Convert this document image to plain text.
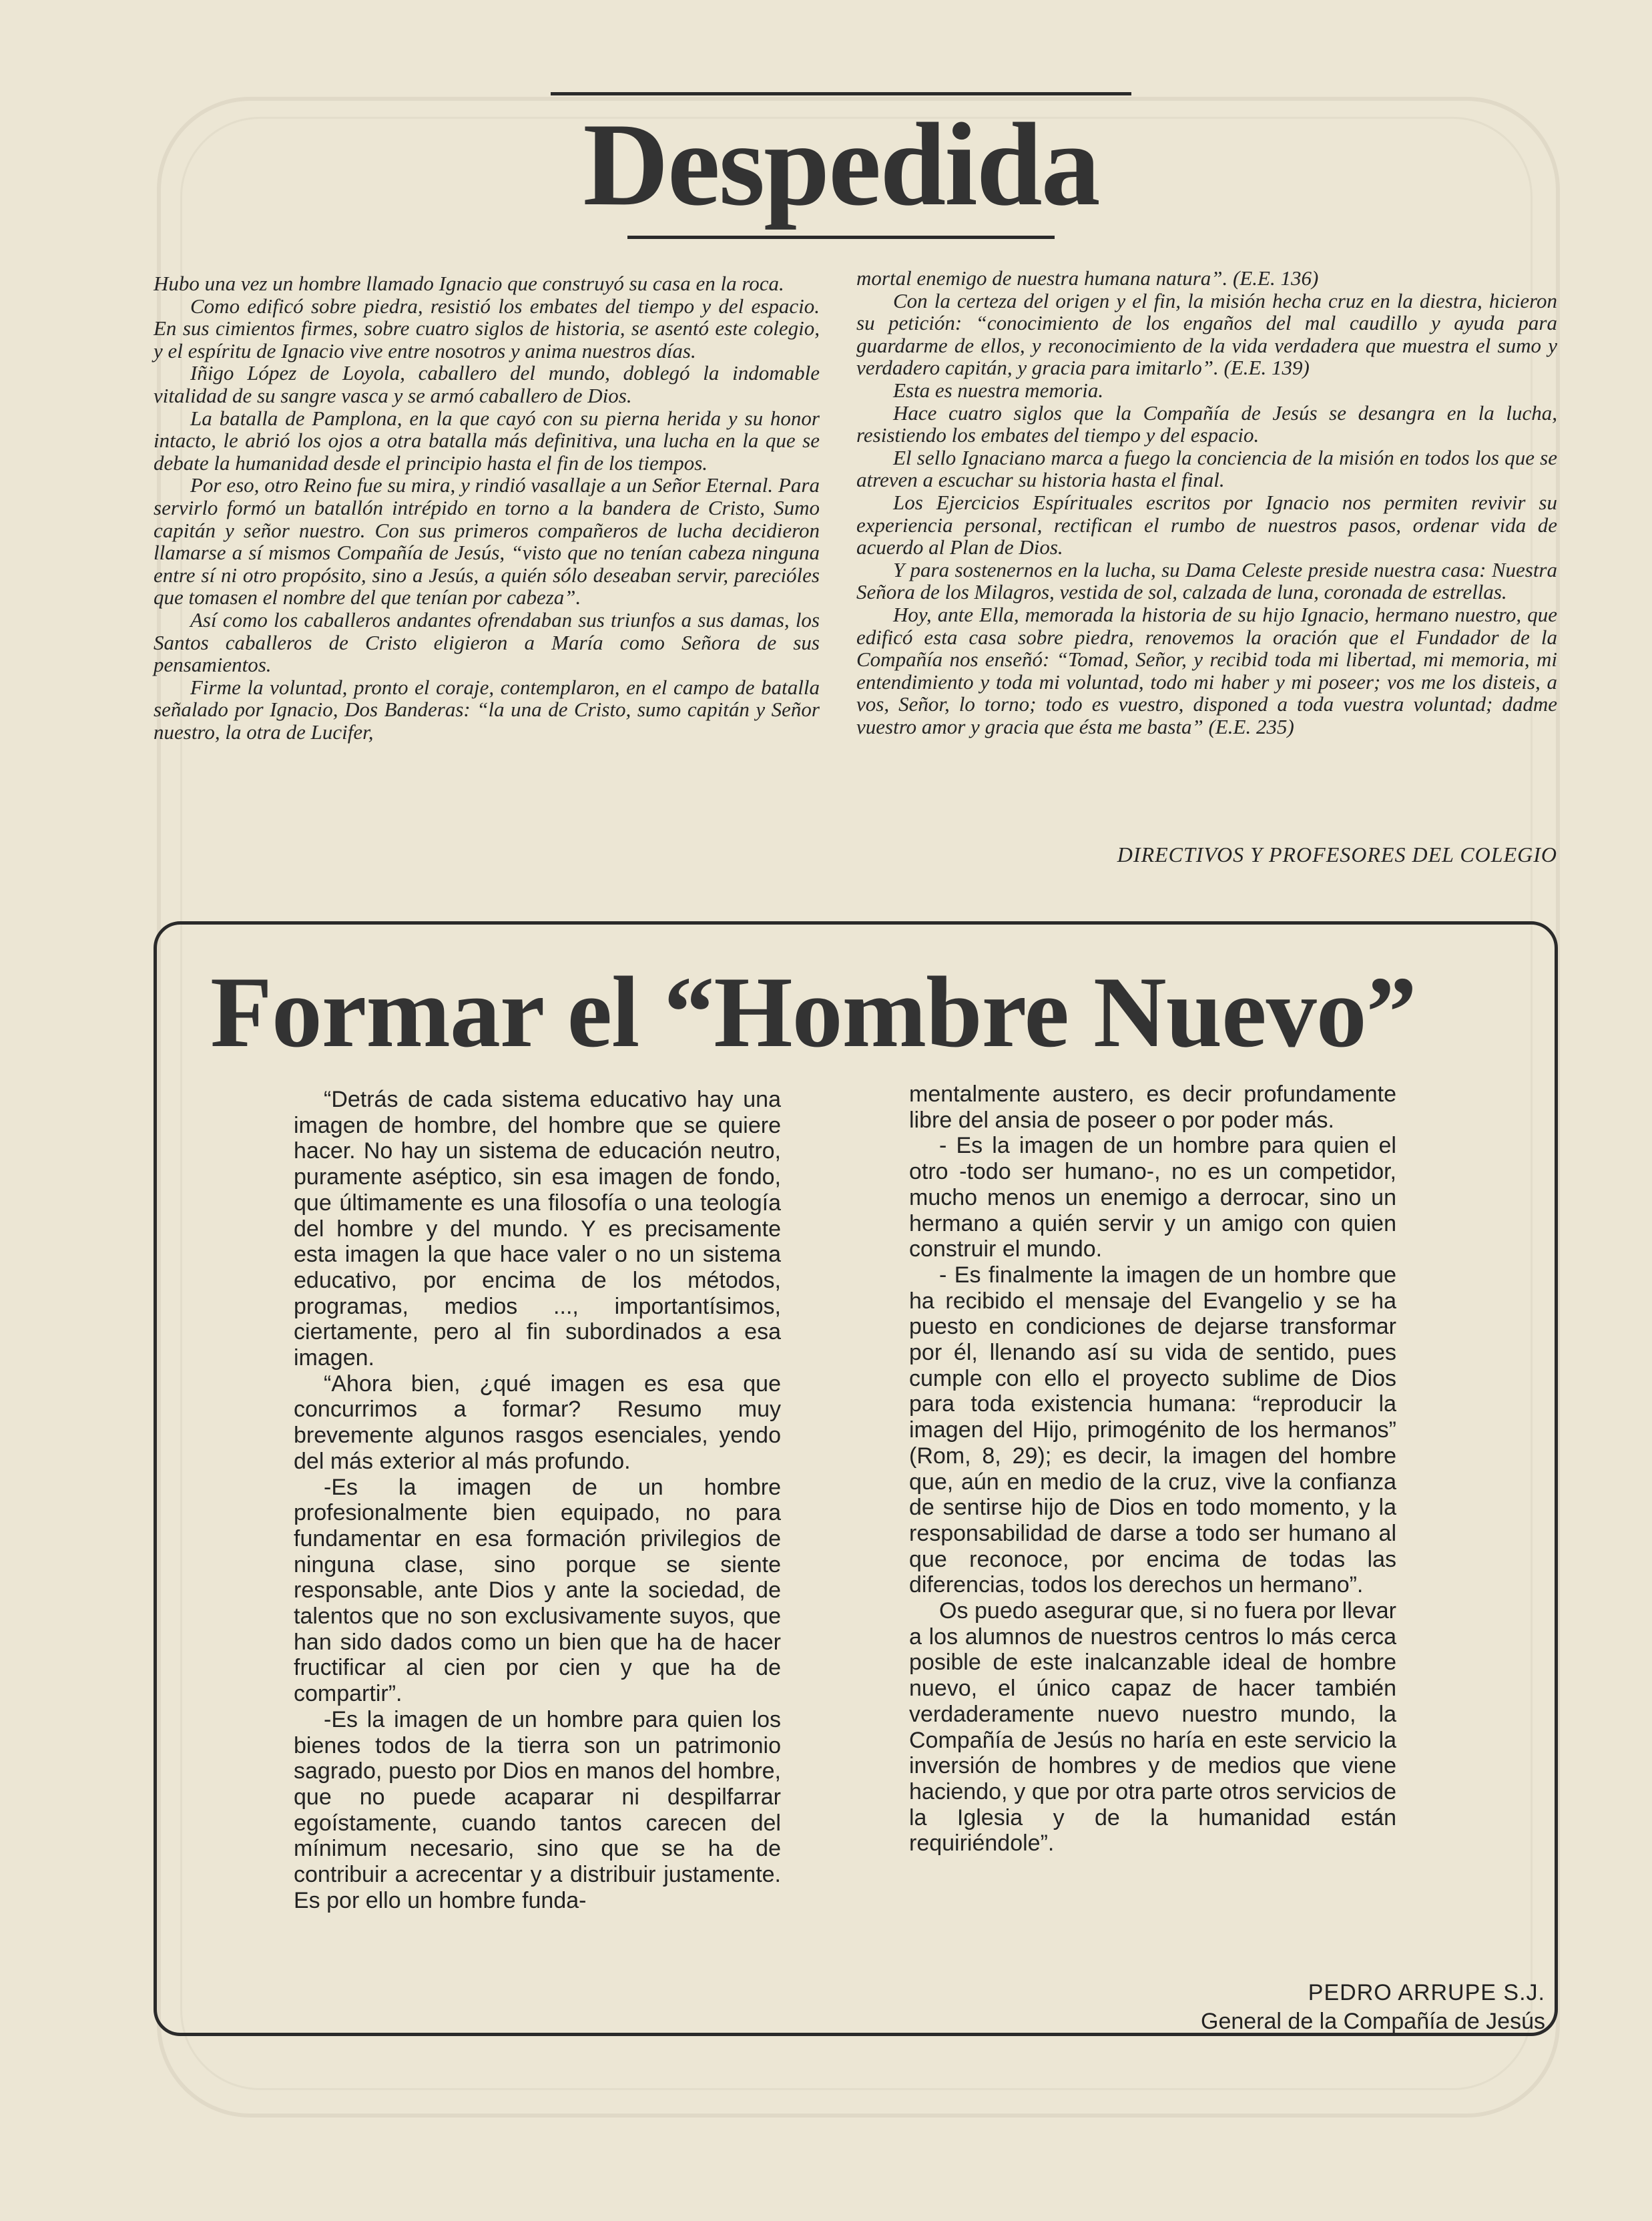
Despedida

Hubo una vez un hombre llamado Ignacio que construyó su casa en la roca.

Como edificó sobre piedra, resistió los embates del tiempo y del espacio. En sus cimientos firmes, sobre cuatro siglos de historia, se asentó este colegio, y el espíritu de Ignacio vive entre nosotros y anima nuestros días.

Iñigo López de Loyola, caballero del mundo, doblegó la indomable vitalidad de su sangre vasca y se armó caballero de Dios.

La batalla de Pamplona, en la que cayó con su pierna herida y su honor intacto, le abrió los ojos a otra batalla más definitiva, una lucha en la que se debate la humanidad desde el principio hasta el fin de los tiempos.

Por eso, otro Reino fue su mira, y rindió vasallaje a un Señor Eternal. Para servirlo formó un batallón intrépido en torno a la bandera de Cristo, Sumo capitán y señor nuestro. Con sus primeros compañeros de lucha decidieron llamarse a sí mismos Compañía de Jesús, “visto que no tenían cabeza ninguna entre sí ni otro propósito, sino a Jesús, a quién sólo deseaban servir, parecióles que tomasen el nombre del que tenían por cabeza”.

Así como los caballeros andantes ofrendaban sus triunfos a sus damas, los Santos caballeros de Cristo eligieron a María como Señora de sus pensamientos.

Firme la voluntad, pronto el coraje, contemplaron, en el campo de batalla señalado por Ignacio, Dos Banderas: “la una de Cristo, sumo capitán y Señor nuestro, la otra de Lucifer,

mortal enemigo de nuestra humana natura”. (E.E. 136)

Con la certeza del origen y el fin, la misión hecha cruz en la diestra, hicieron su petición: “conocimiento de los engaños del mal caudillo y ayuda para guardarme de ellos, y reconocimiento de la vida verdadera que muestra el sumo y verdadero capitán, y gracia para imitarlo”. (E.E. 139)

Esta es nuestra memoria.

Hace cuatro siglos que la Compañía de Jesús se desangra en la lucha, resistiendo los embates del tiempo y del espacio.

El sello Ignaciano marca a fuego la conciencia de la misión en todos los que se atreven a escuchar su historia hasta el final.

Los Ejercicios Espírituales escritos por Ignacio nos permiten revivir su experiencia personal, rectifican el rumbo de nuestros pasos, ordenar vida de acuerdo al Plan de Dios.

Y para sostenernos en la lucha, su Dama Celeste preside nuestra casa: Nuestra Señora de los Milagros, vestida de sol, calzada de luna, coronada de estrellas.

Hoy, ante Ella, memorada la historia de su hijo Ignacio, hermano nuestro, que edificó esta casa sobre piedra, renovemos la oración que el Fundador de la Compañía nos enseñó: “Tomad, Señor, y recibid toda mi libertad, mi memoria, mi entendimiento y toda mi voluntad, todo mi haber y mi poseer; vos me los disteis, a vos, Señor, lo torno; todo es vuestro, disponed a toda vuestra voluntad; dadme vuestro amor y gracia que ésta me basta” (E.E. 235)

DIRECTIVOS Y PROFESORES DEL COLEGIO
Formar el “Hombre Nuevo”

“Detrás de cada sistema educativo hay una imagen de hombre, del hombre que se quiere hacer. No hay un sistema de educación neutro, puramente aséptico, sin esa imagen de fondo, que últimamente es una filosofía o una teología del hombre y del mundo. Y es precisamente esta imagen la que hace valer o no un sistema educativo, por encima de los métodos, programas, medios ..., importantísimos, ciertamente, pero al fin subordinados a esa imagen.

“Ahora bien, ¿qué imagen es esa que concurrimos a formar? Resumo muy brevemente algunos rasgos esenciales, yendo del más exterior al más profundo.

-Es la imagen de un hombre profesionalmente bien equipado, no para fundamentar en esa formación privilegios de ninguna clase, sino porque se siente responsable, ante Dios y ante la sociedad, de talentos que no son exclusivamente suyos, que han sido dados como un bien que ha de hacer fructificar al cien por cien y que ha de compartir”.

-Es la imagen de un hombre para quien los bienes todos de la tierra son un patrimonio sagrado, puesto por Dios en manos del hombre, que no puede acaparar ni despilfarrar egoístamente, cuando tantos carecen del mínimum necesario, sino que se ha de contribuir a acrecentar y a distribuir justamente. Es por ello un hombre funda-

mentalmente austero, es decir profundamente libre del ansia de poseer o por poder más.

- Es la imagen de un hombre para quien el otro -todo ser humano-, no es un competidor, mucho menos un enemigo a derrocar, sino un hermano a quién servir y un amigo con quien construir el mundo.

- Es finalmente la imagen de un hombre que ha recibido el mensaje del Evangelio y se ha puesto en condiciones de dejarse transformar por él, llenando así su vida de sentido, pues cumple con ello el proyecto sublime de Dios para toda existencia humana: “reproducir la imagen del Hijo, primogénito de los hermanos” (Rom, 8, 29); es decir, la imagen del hombre que, aún en medio de la cruz, vive la confianza de sentirse hijo de Dios en todo momento, y la responsabilidad de darse a todo ser humano al que reconoce, por encima de todas las diferencias, todos los derechos un hermano”.

Os puedo asegurar que, si no fuera por llevar a los alumnos de nuestros centros lo más cerca posible de este inalcanzable ideal de hombre nuevo, el único capaz de hacer también verdaderamente nuevo nuestro mundo, la Compañía de Jesús no haría en este servicio la inversión de hombres y de medios que viene haciendo, y que por otra parte otros servicios de la Iglesia y de la humanidad están requiriéndole”.

PEDRO ARRUPE S.J.
General de la Compañía de Jesús
